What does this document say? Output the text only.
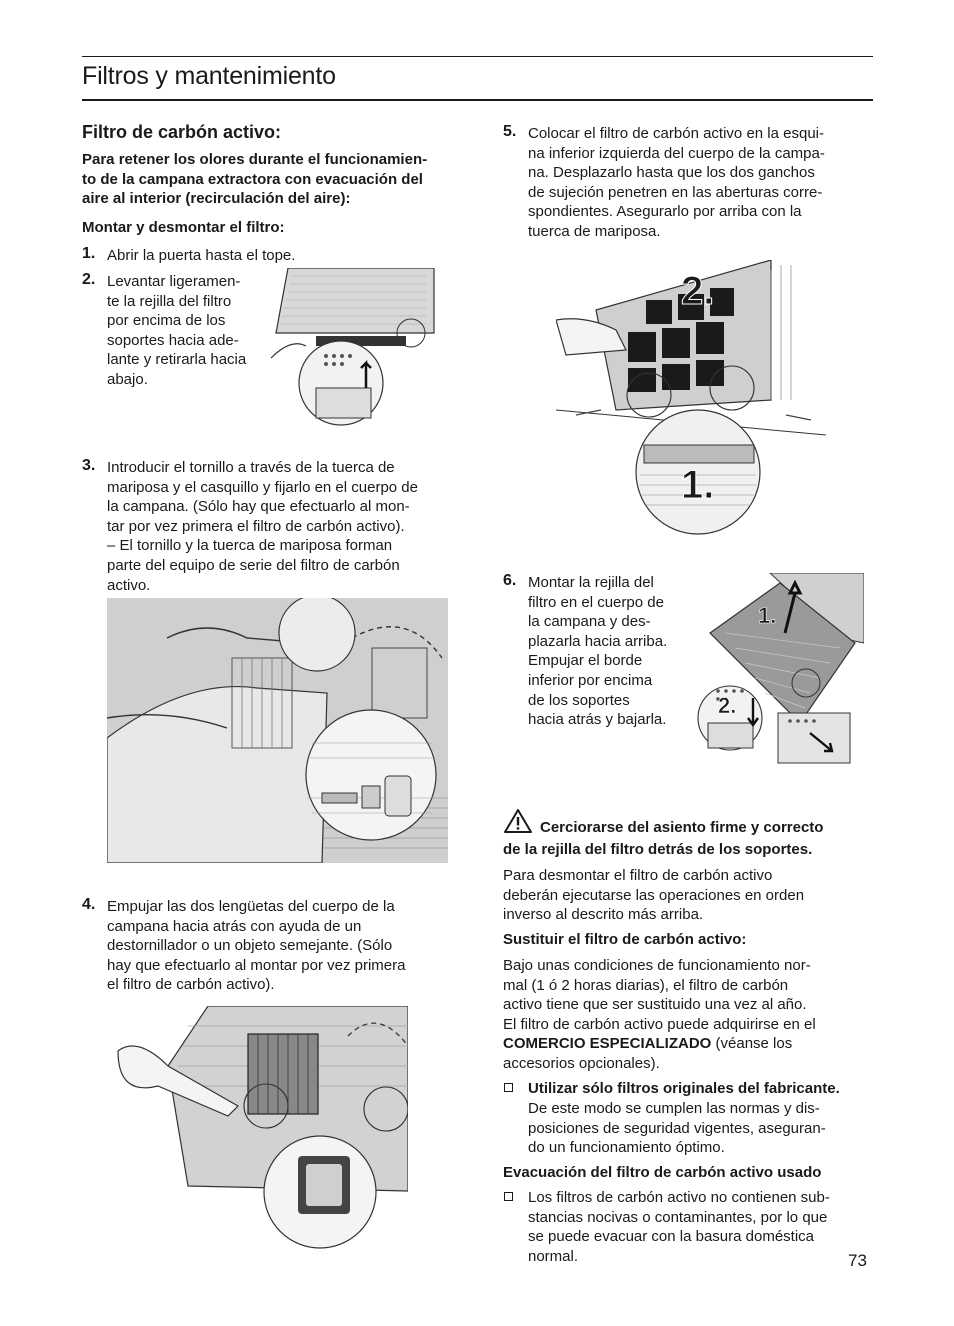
Filtros y mantenimiento
Filtro de carbón activo:
Para retener los olores durante el funcionamien-
to de la campana extractora con evacuación del
aire al interior (recirculación del aire):
Montar y desmontar el filtro:
1. Abrir la puerta hasta el tope.
2. Levantar ligeramen-
te la rejilla del filtro
por encima de los
soportes hacia ade-
lante y retirarla hacia
abajo.
3. Introducir el tornillo a través de la tuerca de
mariposa y el casquillo y fijarlo en el cuerpo de
la campana. (Sólo hay que efectuarlo al mon-
tar por vez primera el filtro de carbón activo).
– El tornillo y la tuerca de mariposa forman
parte del equipo de serie del filtro de carbón
activo.
4. Empujar las dos lengüetas del cuerpo de la
campana hacia atrás con ayuda de un
destornillador o un objeto semejante. (Sólo
hay que efectuarlo al montar por vez primera
el filtro de carbón activo).
5. Colocar el filtro de carbón activo en la esqui-
na inferior izquierda del cuerpo de la campa-
na. Desplazarlo hasta que los dos ganchos
de sujeción penetren en las aberturas corre-
spondientes. Asegurarlo por arriba con la
tuerca de mariposa.
2.
1.
6. Montar la rejilla del
filtro en el cuerpo de
la campana y des-
plazarla hacia arriba.
Empujar el borde
inferior por encima
de los soportes
hacia atrás y bajarla.
1.
2.
Cerciorarse del asiento firme y correcto
de la rejilla del filtro detrás de los soportes.
Para desmontar el filtro de carbón activo
deberán ejecutarse las operaciones en orden
inverso al descrito más arriba.
Sustituir el filtro de carbón activo:
Bajo unas condiciones de funcionamiento nor-
mal (1 ó 2 horas diarias), el filtro de carbón
activo tiene que ser sustituido una vez al año.
El filtro de carbón activo puede adquirirse en el
COMERCIO ESPECIALIZADO (véanse los
accesorios opcionales).
Utilizar sólo filtros originales del fabricante.
De este modo se cumplen las normas y dis-
posiciones de seguridad vigentes, aseguran-
do un funcionamiento óptimo.
Evacuación del filtro de carbón activo usado
Los filtros de carbón activo no contienen sub-
stancias nocivas o contaminantes, por lo que
se puede evacuar con la basura doméstica
normal.	73
